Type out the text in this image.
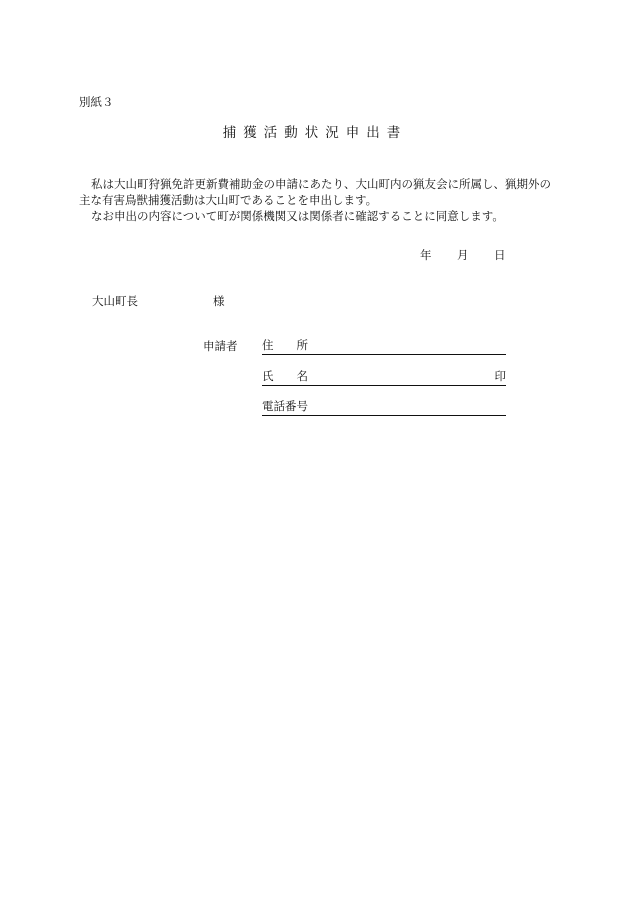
別紙３
捕獲活動状況申出書

私は大山町狩猟免許更新費補助金の申請にあたり、大山町内の猟友会に所属し、猟期外の主な有害鳥獣捕獲活動は大山町であることを申出します。

なお申出の内容について町が関係機関又は関係者に確認することに同意します。

年	月	日
大山町長	様
申請者 住　　所
氏　　名	印
電話番号
